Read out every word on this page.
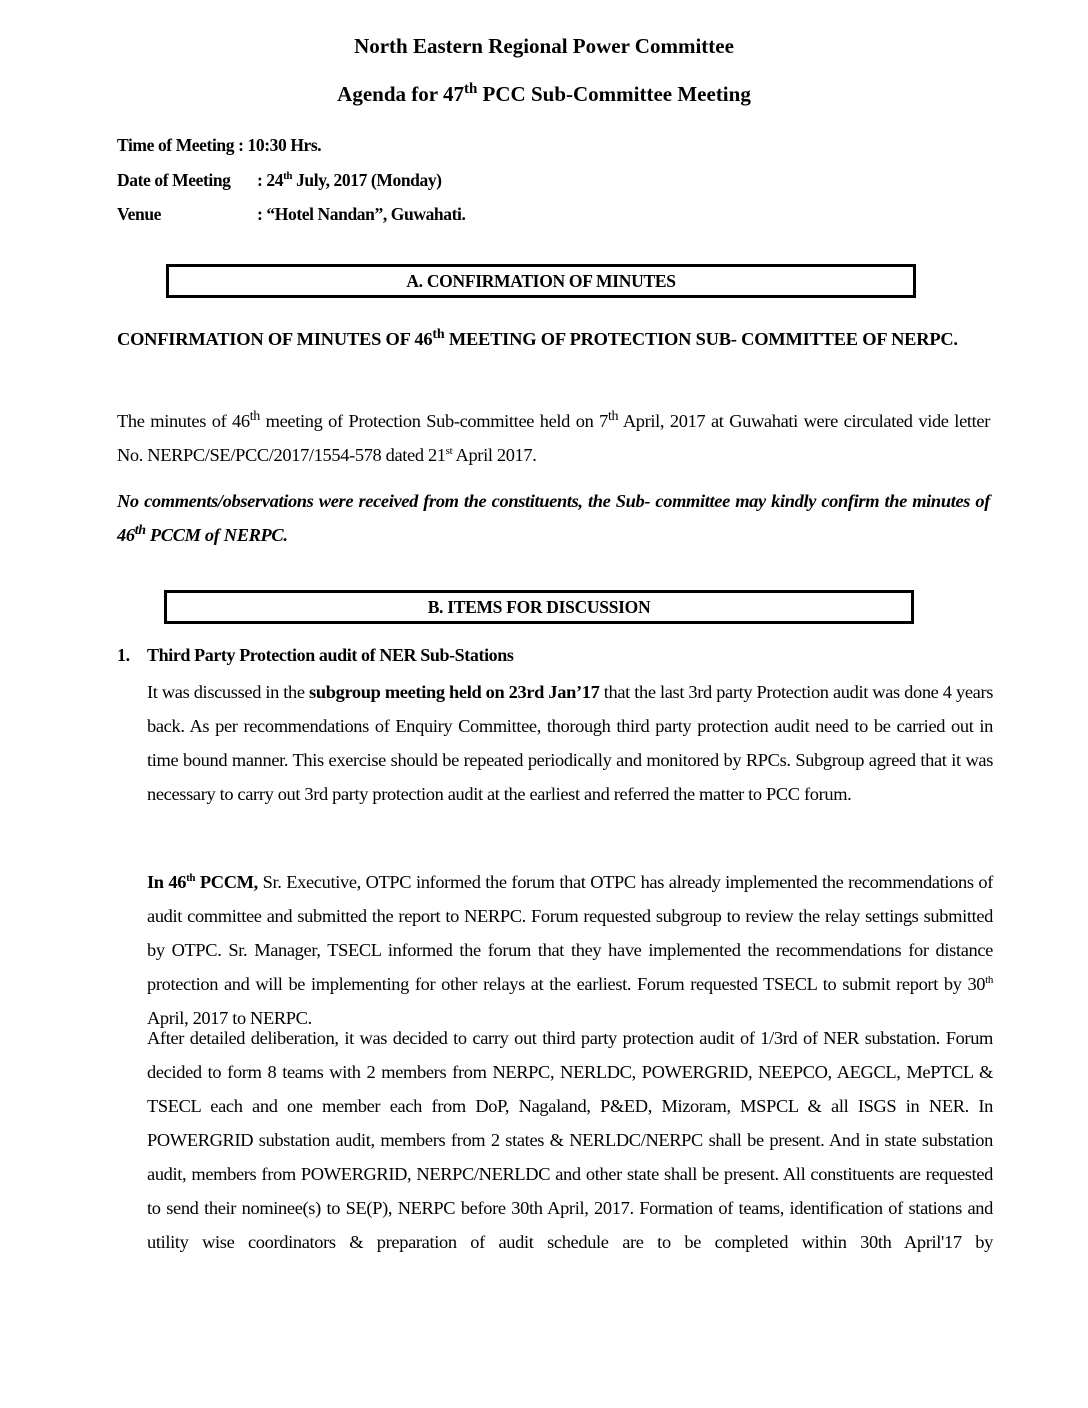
North Eastern Regional Power Committee
Agenda for 47th PCC Sub-Committee Meeting
Time of Meeting : 10:30 Hrs.
Date of Meeting : 24th July, 2017 (Monday)
Venue	: “Hotel Nandan”, Guwahati.
A. CONFIRMATION OF MINUTES
CONFIRMATION OF MINUTES OF 46th MEETING OF PROTECTION SUB- COMMITTEE OF NERPC.
The minutes of 46th meeting of Protection Sub-committee held on 7th April, 2017 at Guwahati were circulated vide letter No. NERPC/SE/PCC/2017/1554-578 dated 21st April 2017.
No comments/observations were received from the constituents, the Sub- committee may kindly confirm the minutes of 46th PCCM of NERPC.
B. ITEMS FOR DISCUSSION
1. Third Party Protection audit of NER Sub-Stations
It was discussed in the subgroup meeting held on 23rd Jan’17 that the last 3rd party Protection audit was done 4 years back. As per recommendations of Enquiry Committee, thorough third party protection audit need to be carried out in time bound manner. This exercise should be repeated periodically and monitored by RPCs. Subgroup agreed that it was necessary to carry out 3rd party protection audit at the earliest and referred the matter to PCC forum.
In 46th PCCM, Sr. Executive, OTPC informed the forum that OTPC has already implemented the recommendations of audit committee and submitted the report to NERPC. Forum requested subgroup to review the relay settings submitted by OTPC. Sr. Manager, TSECL informed the forum that they have implemented the recommendations for distance protection and will be implementing for other relays at the earliest. Forum requested TSECL to submit report by 30th April, 2017 to NERPC.
After detailed deliberation, it was decided to carry out third party protection audit of 1/3rd of NER substation. Forum decided to form 8 teams with 2 members from NERPC, NERLDC, POWERGRID, NEEPCO, AEGCL, MePTCL & TSECL each and one member each from DoP, Nagaland, P&ED, Mizoram, MSPCL & all ISGS in NER. In POWERGRID substation audit, members from 2 states & NERLDC/NERPC shall be present. And in state substation audit, members from POWERGRID, NERPC/NERLDC and other state shall be present. All constituents are requested to send their nominee(s) to SE(P), NERPC before 30th April, 2017. Formation of teams, identification of stations and utility wise coordinators & preparation of audit schedule are to be completed within 30th April'17 by
